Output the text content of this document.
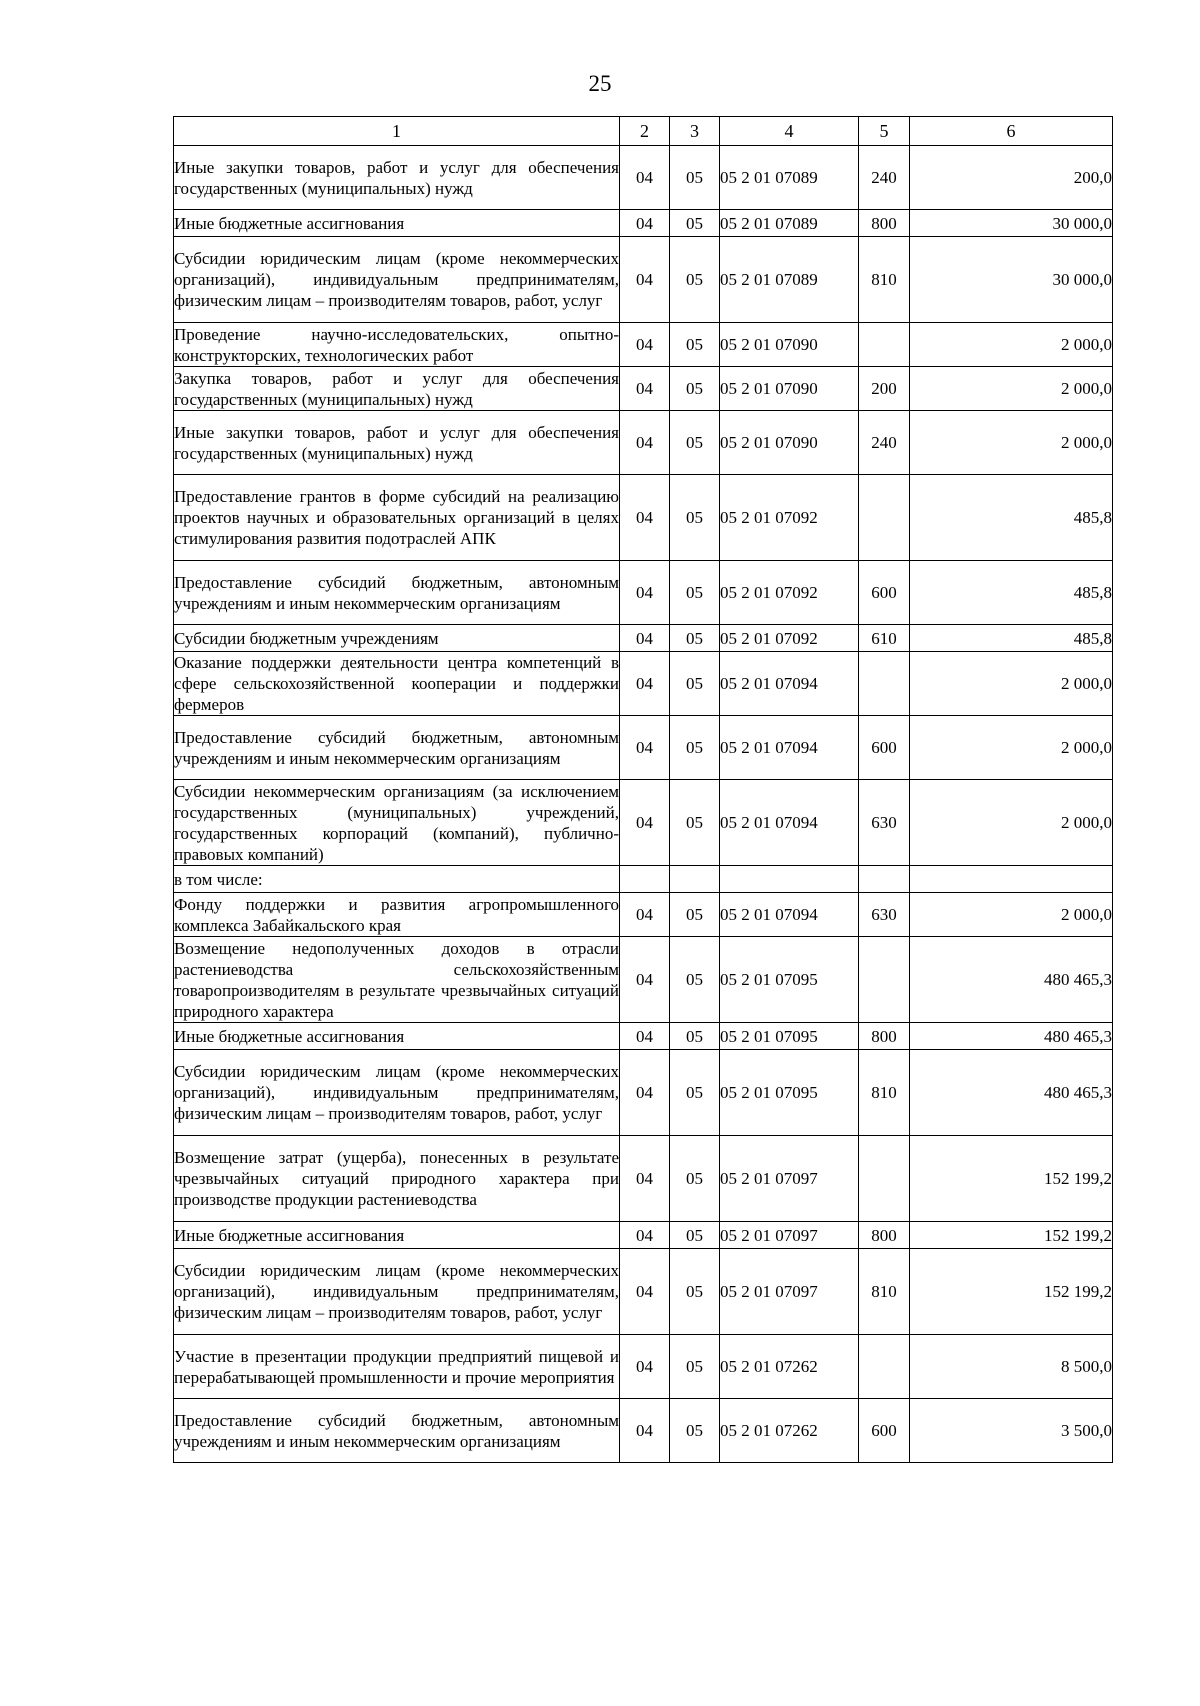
25
1	2	3	4	5	6
Иные закупки товаров, работ и услуг для обеспечения государственных (муниципальных) нужд	04	05	05 2 01 07089	240	200,0
Иные бюджетные ассигнования	04	05	05 2 01 07089	800	30 000,0
Субсидии юридическим лицам (кроме некоммерческих организаций), индивидуальным предпринимателям, физическим лицам – производителям товаров, работ, услуг	04	05	05 2 01 07089	810	30 000,0
Проведение научно-исследовательских, опытно-конструкторских, технологических работ	04	05	05 2 01 07090		2 000,0
Закупка товаров, работ и услуг для обеспечения государственных (муниципальных) нужд	04	05	05 2 01 07090	200	2 000,0
Иные закупки товаров, работ и услуг для обеспечения государственных (муниципальных) нужд	04	05	05 2 01 07090	240	2 000,0
Предоставление грантов в форме субсидий на реализацию проектов научных и образовательных организаций в целях стимулирования развития подотраслей АПК	04	05	05 2 01 07092		485,8
Предоставление субсидий бюджетным, автономным учреждениям и иным некоммерческим организациям	04	05	05 2 01 07092	600	485,8
Субсидии бюджетным учреждениям	04	05	05 2 01 07092	610	485,8
Оказание поддержки деятельности центра компетенций в сфере сельскохозяйственной кооперации и поддержки фермеров	04	05	05 2 01 07094		2 000,0
Предоставление субсидий бюджетным, автономным учреждениям и иным некоммерческим организациям	04	05	05 2 01 07094	600	2 000,0
Субсидии некоммерческим организациям (за исключением государственных (муниципальных) учреждений, государственных корпораций (компаний), публично-правовых компаний)	04	05	05 2 01 07094	630	2 000,0
в том числе:					
Фонду поддержки и развития агропромышленного комплекса Забайкальского края	04	05	05 2 01 07094	630	2 000,0
Возмещение недополученных доходов в отрасли растениеводства сельскохозяйственным товаропроизводителям в результате чрезвычайных ситуаций природного характера	04	05	05 2 01 07095		480 465,3
Иные бюджетные ассигнования	04	05	05 2 01 07095	800	480 465,3
Субсидии юридическим лицам (кроме некоммерческих организаций), индивидуальным предпринимателям, физическим лицам – производителям товаров, работ, услуг	04	05	05 2 01 07095	810	480 465,3
Возмещение затрат (ущерба), понесенных в результате чрезвычайных ситуаций природного характера при производстве продукции растениеводства	04	05	05 2 01 07097		152 199,2
Иные бюджетные ассигнования	04	05	05 2 01 07097	800	152 199,2
Субсидии юридическим лицам (кроме некоммерческих организаций), индивидуальным предпринимателям, физическим лицам – производителям товаров, работ, услуг	04	05	05 2 01 07097	810	152 199,2
Участие в презентации продукции предприятий пищевой и перерабатывающей промышленности и прочие мероприятия	04	05	05 2 01 07262		8 500,0
Предоставление субсидий бюджетным, автономным учреждениям и иным некоммерческим организациям	04	05	05 2 01 07262	600	3 500,0
